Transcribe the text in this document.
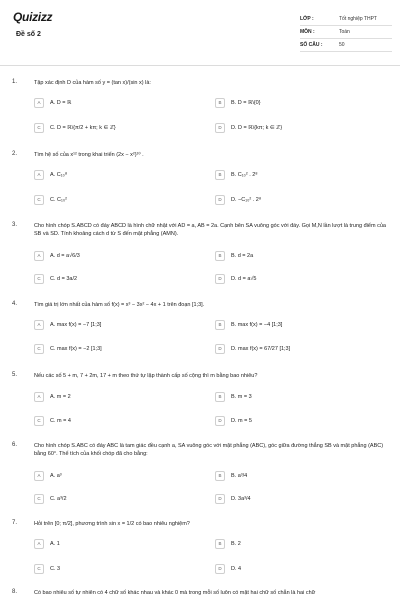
Quizizz
Đề số 2
LỚP :	Tốt nghiệp THPT
MÔN :	Toán
SỐ CÂU :	50
1.	Tập xác định D của hàm số y = (tan x)/(sin x) là:
A	A. D = ℝ	B	B. D = ℝ\{0}
C	C. D = ℝ\{π/2 + kπ; k ∈ ℤ}	D	D. D = ℝ\{kπ; k ∈ ℤ}
2.	Tìm hệ số của x¹² trong khai triển (2x − x²)¹⁰ .
A	A. C₁₀⁸	B	B. C₁₀² . 2⁸
C	C. C₁₀²	D	D. −C₁₀² . 2⁸
3.	Cho hình chóp S.ABCD có đáy ABCD là hình chữ nhật với AD = a, AB = 2a. Cạnh bên SA vuông góc với đáy. Gọi M,N lần lượt là trung điểm của SB và SD. Tính khoảng cách d từ S đến mặt phẳng (AMN).
A	A. d = a√6/3	B	B. d = 2a
C	C. d = 3a/2	D	D. d = a√5
4.	Tìm giá trị lớn nhất của hàm số f(x) = x³ − 3x² − 4x + 1 trên đoạn [1;3].
A	A. max f(x) = −7 [1;3]	B	B. max f(x) = −4 [1;3]
C	C. max f(x) = −2 [1;3]	D	D. max f(x) = 67/27 [1;3]
5.	Nếu các số 5 + m, 7 + 2m, 17 + m theo thứ tự lập thành cấp số cộng thì m bằng bao nhiêu?
A	A. m = 2	B	B. m = 3
C	C. m = 4	D	D. m = 5
6.	Cho hình chóp S.ABC có đáy ABC là tam giác đều cạnh a, SA vuông góc với mặt phẳng (ABC), góc giữa đường thẳng SB và mặt phẳng (ABC) bằng 60°. Thể tích của khối chóp đã cho bằng:
A	A. a³	B	B. a³/4
C	C. a³/2	D	D. 3a³/4
7.	Hỏi trên [0; π/2], phương trình sin x = 1/2 có bao nhiêu nghiệm?
A	A. 1	B	B. 2
C	C. 3	D	D. 4
8.	Có bao nhiêu số tự nhiên có 4 chữ số khác nhau và khác 0 mà trong mỗi số luôn có mặt hai chữ số chẵn là hai chữ
